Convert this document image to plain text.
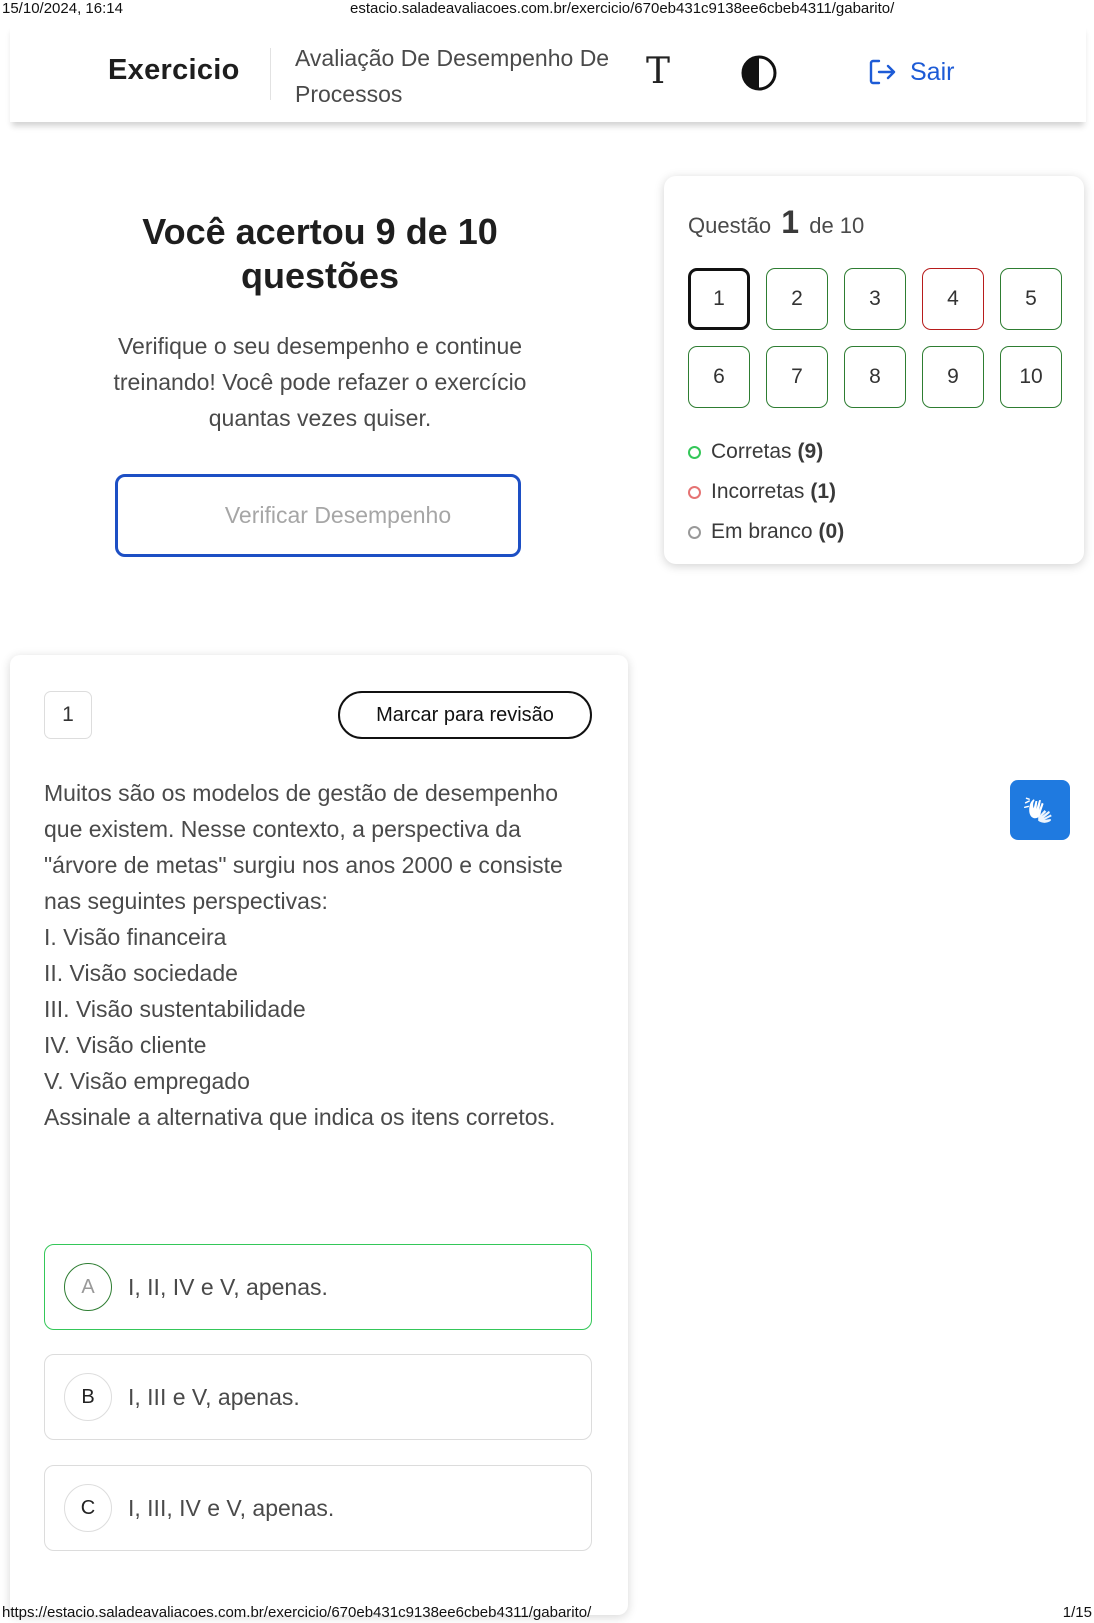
15/10/2024, 16:14	estacio.saladeavaliacoes.com.br/exercicio/670eb431c9138ee6cbeb4311/gabarito/
Exercicio Avaliação De Desempenho De Processos
T	Sair
Você acertou 9 de 10 questões
Verifique o seu desempenho e continue treinando! Você pode refazer o exercício quantas vezes quiser.
Verificar Desempenho
Questão 1 de 10
1	2	3	4	5
6	7	8	9	10
Corretas (9)
Incorretas (1)
Em branco (0)
1	Marcar para revisão

Muitos são os modelos de gestão de desempenho que existem. Nesse contexto, a perspectiva da "árvore de metas" surgiu nos anos 2000 e consiste nas seguintes perspectivas:

I. Visão financeira

II. Visão sociedade

III. Visão sustentabilidade

IV. Visão cliente

V. Visão empregado

Assinale a alternativa que indica os itens corretos.

A	I, II, IV e V, apenas.
B	I, III e V, apenas.
C	I, III, IV e V, apenas.
https://estacio.saladeavaliacoes.com.br/exercicio/670eb431c9138ee6cbeb4311/gabarito/	1/15
